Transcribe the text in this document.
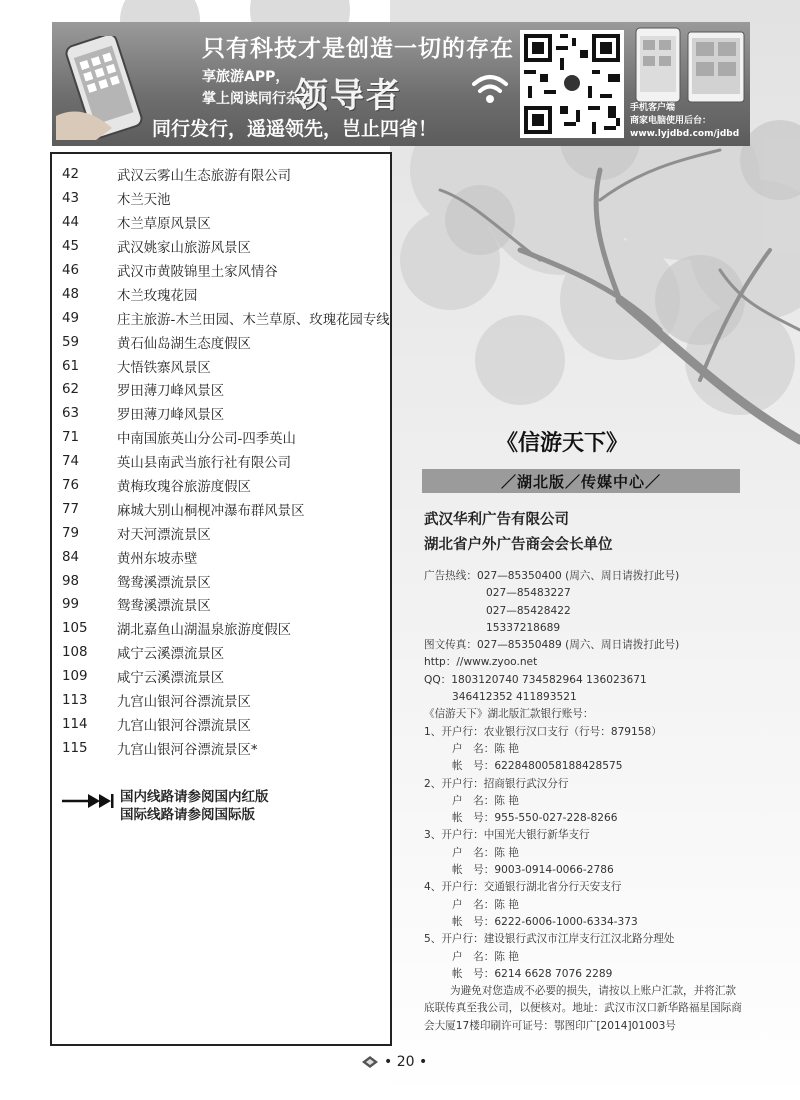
只有科技才是创造一切的存在
享旅游APP，
掌上阅读同行杂志
领导者
同行发行，遥遥领先，岂止四省！
手机客户端
商家电脑使用后台：
www.lyjdbd.com/jdbd
42	武汉云雾山生态旅游有限公司
43	木兰天池
44	木兰草原风景区
45	武汉姚家山旅游风景区
46	武汉市黄陂锦里土家风情谷
48	木兰玫瑰花园
49	庄主旅游-木兰田园、木兰草原、玫瑰花园专线
59	黄石仙岛湖生态度假区
61	大悟铁寨风景区
62	罗田薄刀峰风景区
63	罗田薄刀峰风景区
71	中南国旅英山分公司-四季英山
74	英山县南武当旅行社有限公司
76	黄梅玫瑰谷旅游度假区
77	麻城大别山桐枧冲瀑布群风景区
79	对天河漂流景区
84	黄州东坡赤壁
98	鸳鸯溪漂流景区
99	鸳鸯溪漂流景区
105	湖北嘉鱼山湖温泉旅游度假区
108	咸宁云溪漂流景区
109	咸宁云溪漂流景区
113	九宫山银河谷漂流景区
114	九宫山银河谷漂流景区
115	九宫山银河谷漂流景区*
国内线路请参阅国内红版
国际线路请参阅国际版
《信游天下》
／湖北版／传媒中心／
武汉华利广告有限公司
湖北省户外广告商会会长单位
广告热线：027—85350400 (周六、周日请拨打此号)
027—85483227
027—85428422
15337218689
图文传真：027—85350489 (周六、周日请拨打此号)
http：//www.zyoo.net
QQ：1803120740 734582964 136023671
346412352 411893521
《信游天下》湖北版汇款银行账号：
1、开户行：农业银行汉口支行（行号：879158）
户　名：陈 艳
帐　号：6228480058188428575
2、开户行：招商银行武汉分行
户　名：陈 艳
帐　号：955-550-027-228-8266
3、开户行：中国光大银行新华支行
户　名：陈 艳
帐　号：9003-0914-0066-2786
4、开户行：交通银行湖北省分行天安支行
户　名：陈 艳
帐　号：6222-6006-1000-6334-373
5、开户行：建设银行武汉市江岸支行江汉北路分理处
户　名：陈 艳
帐　号：6214 6628 7076 2289
为避免对您造成不必要的损失，请按以上账户汇款，并将汇款底联传真至我公司，以便核对。地址：武汉市汉口新华路福星国际商会大厦17楼印刷许可证号：鄂图印广[2014]01003号
• 20 •
